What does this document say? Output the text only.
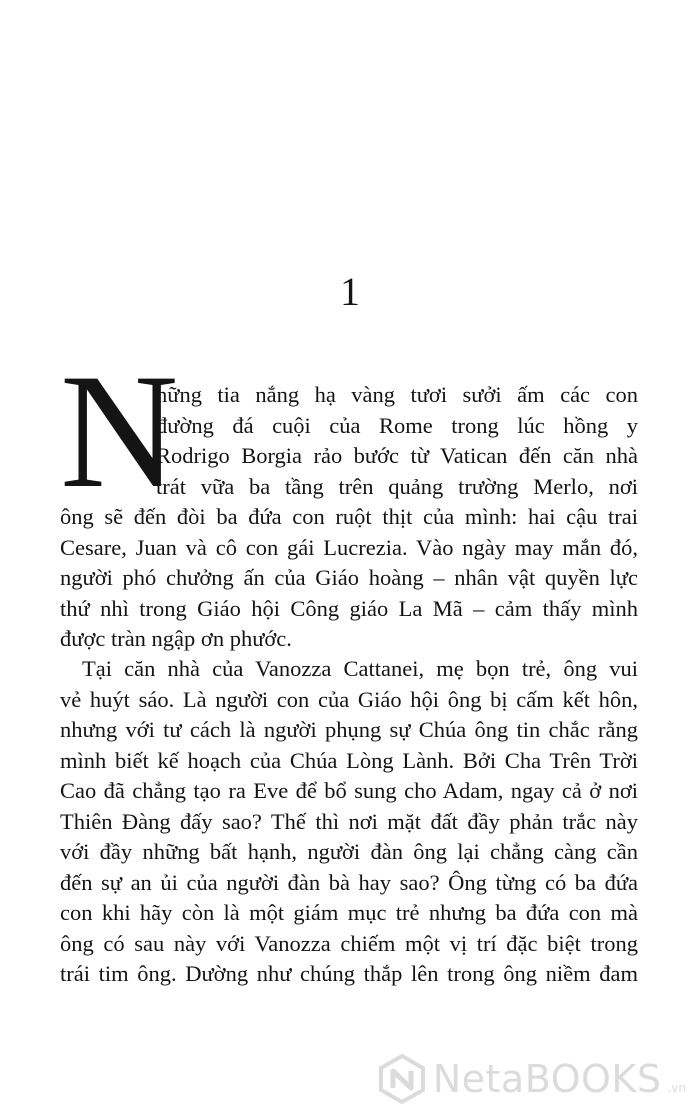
1
N
hững tia nắng hạ vàng tươi sưởi ấm các con
đường đá cuội của Rome trong lúc hồng y
Rodrigo Borgia rảo bước từ Vatican đến căn nhà
trát vữa ba tầng trên quảng trường Merlo, nơi
ông sẽ đến đòi ba đứa con ruột thịt của mình: hai cậu trai
Cesare, Juan và cô con gái Lucrezia. Vào ngày may mắn đó,
người phó chưởng ấn của Giáo hoàng – nhân vật quyền lực
thứ nhì trong Giáo hội Công giáo La Mã – cảm thấy mình
được tràn ngập ơn phước.
Tại căn nhà của Vanozza Cattanei, mẹ bọn trẻ, ông vui
vẻ huýt sáo. Là người con của Giáo hội ông bị cấm kết hôn,
nhưng với tư cách là người phụng sự Chúa ông tin chắc rằng
mình biết kế hoạch của Chúa Lòng Lành. Bởi Cha Trên Trời
Cao đã chẳng tạo ra Eve để bổ sung cho Adam, ngay cả ở nơi
Thiên Đàng đấy sao? Thế thì nơi mặt đất đầy phản trắc này
với đầy những bất hạnh, người đàn ông lại chẳng càng cần
đến sự an ủi của người đàn bà hay sao? Ông từng có ba đứa
con khi hãy còn là một giám mục trẻ nhưng ba đứa con mà
ông có sau này với Vanozza chiếm một vị trí đặc biệt trong
trái tim ông. Dường như chúng thắp lên trong ông niềm đam
NetaBOOKS .vn
